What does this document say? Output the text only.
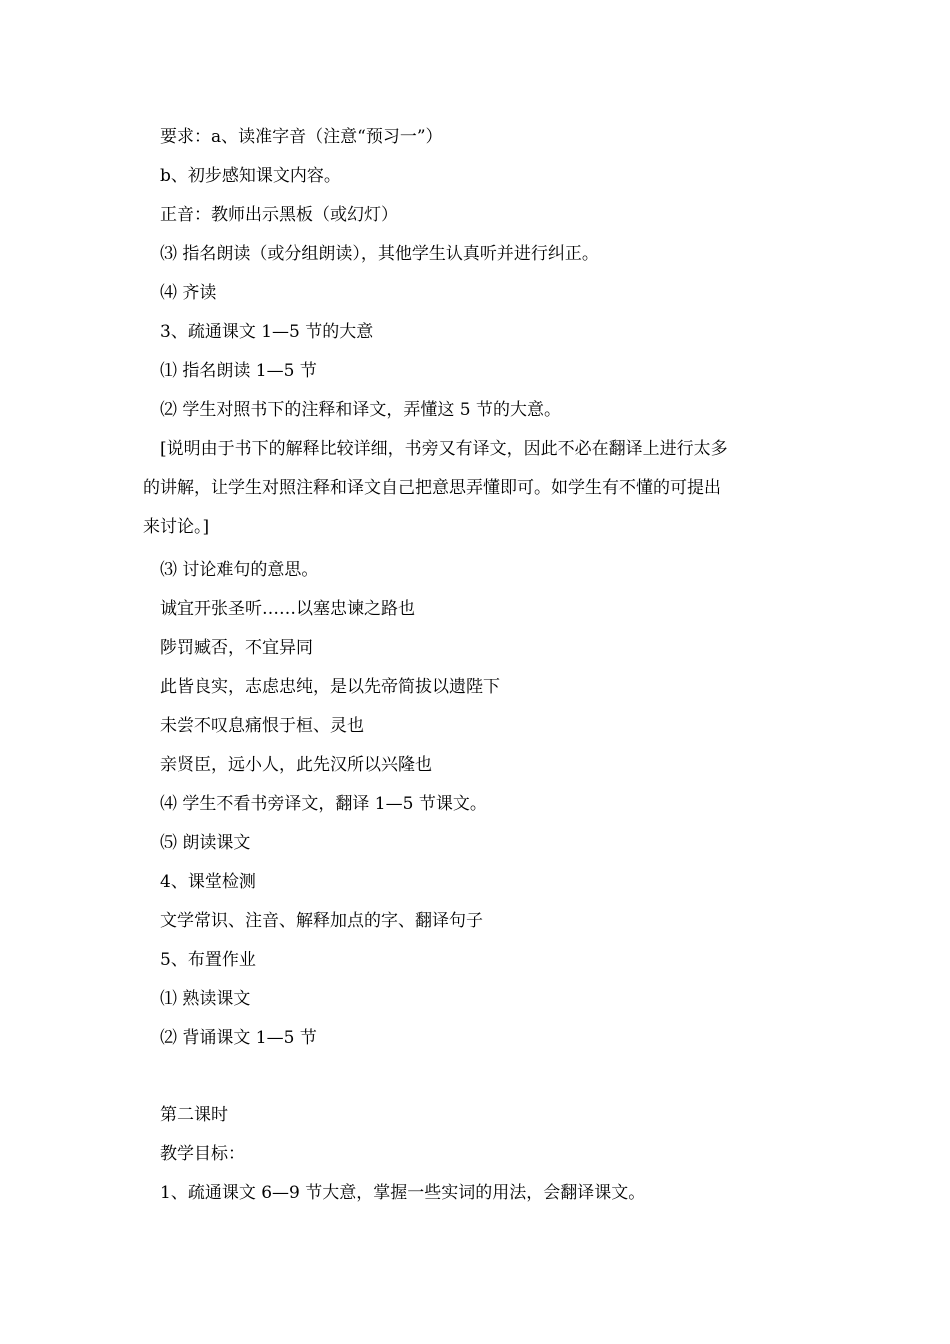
要求：a、读准字音（注意“预习一”）
b、初步感知课文内容。
正音：教师出示黑板（或幻灯）
⑶ 指名朗读（或分组朗读），其他学生认真听并进行纠正。
⑷ 齐读
3、疏通课文 1—5 节的大意
⑴ 指名朗读 1—5 节
⑵ 学生对照书下的注释和译文，弄懂这 5 节的大意。
[说明由于书下的解释比较详细，书旁又有译文，因此不必在翻译上进行太多
的讲解，让学生对照注释和译文自己把意思弄懂即可。如学生有不懂的可提出
来讨论。]
⑶ 讨论难句的意思。
诚宜开张圣听……以塞忠谏之路也
陟罚臧否，不宜异同
此皆良实，志虑忠纯，是以先帝简拔以遗陛下
未尝不叹息痛恨于桓、灵也
亲贤臣，远小人，此先汉所以兴隆也
⑷ 学生不看书旁译文，翻译 1—5 节课文。
⑸ 朗读课文
4、课堂检测
文学常识、注音、解释加点的字、翻译句子
5、布置作业
⑴ 熟读课文
⑵ 背诵课文 1—5 节
第二课时
教学目标：
1、疏通课文 6—9 节大意，掌握一些实词的用法，会翻译课文。
